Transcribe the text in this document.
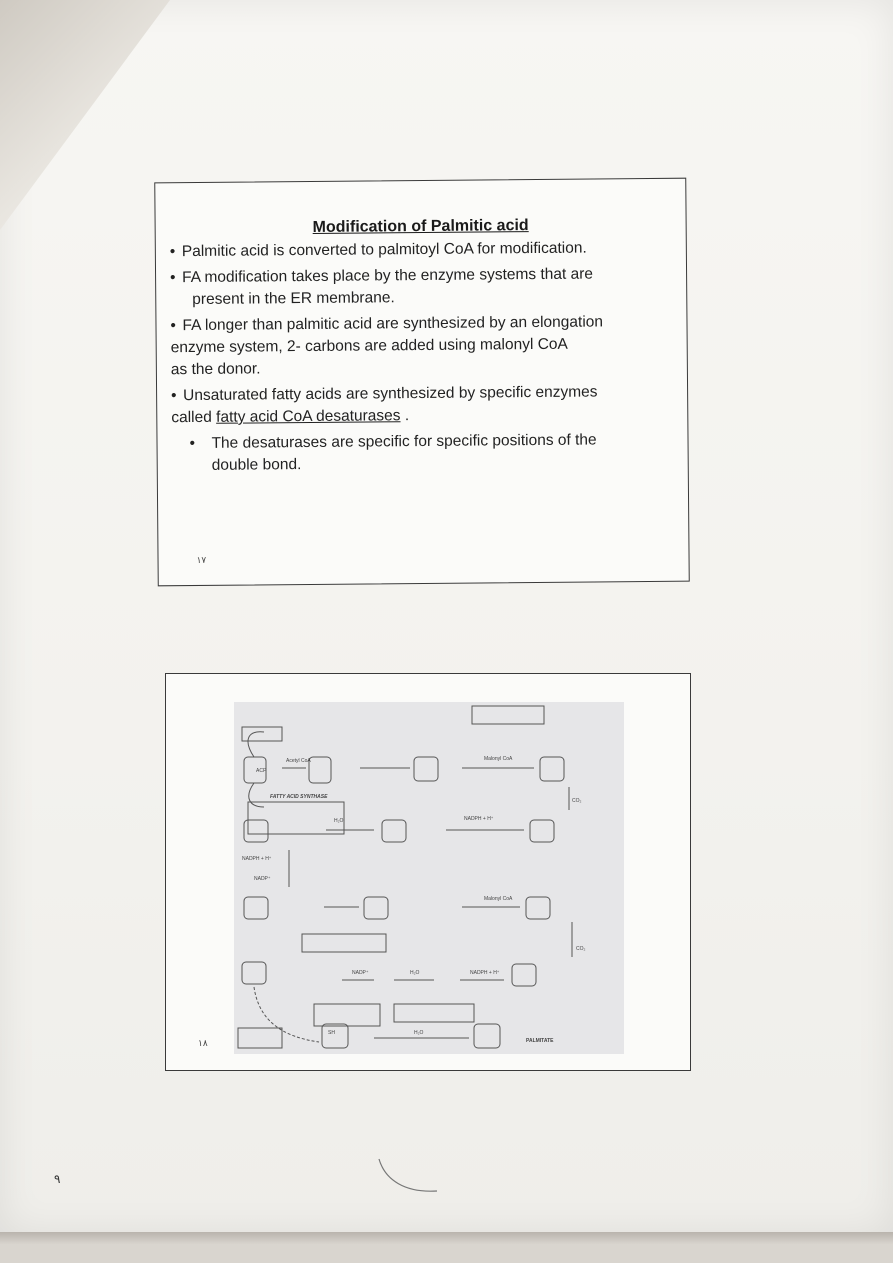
Modification of Palmitic acid
• Palmitic acid is converted to palmitoyl CoA for modification.
• FA modification takes place by the enzyme systems that are
present in the ER membrane.
• FA longer than palmitic acid are synthesized by an elongation
enzyme system, 2- carbons are added using malonyl CoA
as the donor.
• Unsaturated fatty acids are synthesized by specific enzymes
called fatty acid CoA desaturases .
• The desaturases are specific for specific positions of the
double bond.
١٧
١٨
ACP
Acetyl CoA
FATTY ACID SYNTHASE
Malonyl CoA
CO₂
NADPH + H⁺
H₂O
NADPH + H⁺
NADP⁺
Malonyl CoA
CO₂
NADP⁺	H₂O	NADPH + H⁺
SH	H₂O
PALMITATE
٩
